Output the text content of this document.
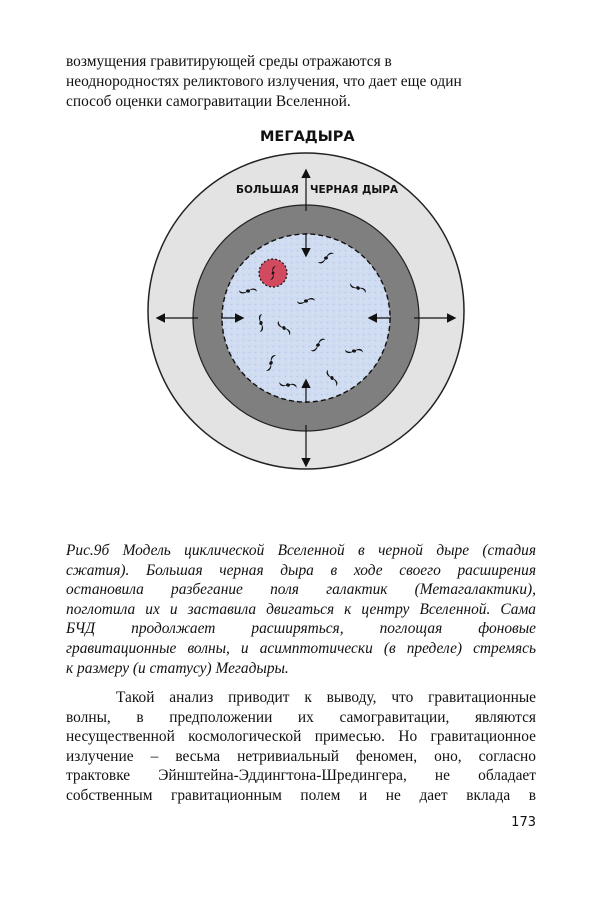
возмущения гравитирующей среды отражаются в
неоднородностях реликтового излучения, что дает еще один
способ оценки самогравитации Вселенной.
МЕГАДЫРА
БОЛЬШАЯ ЧЕРНАЯ ДЫРА
Рис.9б Модель циклической Вселенной в черной дыре (стадия
сжатия). Большая черная дыра в ходе своего расширения
остановила разбегание поля галактик (Метагалактики),
поглотила их и заставила двигаться к центру Вселенной. Сама
БЧД продолжает расширяться, поглощая фоновые
гравитационные волны, и асимптотически (в пределе) стремясь
к размеру (и статусу) Мегадыры.
Такой анализ приводит к выводу, что гравитационные
волны, в предположении их самогравитации, являются
несущественной космологической примесью. Но гравитационное
излучение – весьма нетривиальный феномен, оно, согласно
трактовке Эйнштейна-Эддингтона-Шредингера, не обладает
собственным гравитационным полем и не дает вклада в
173
